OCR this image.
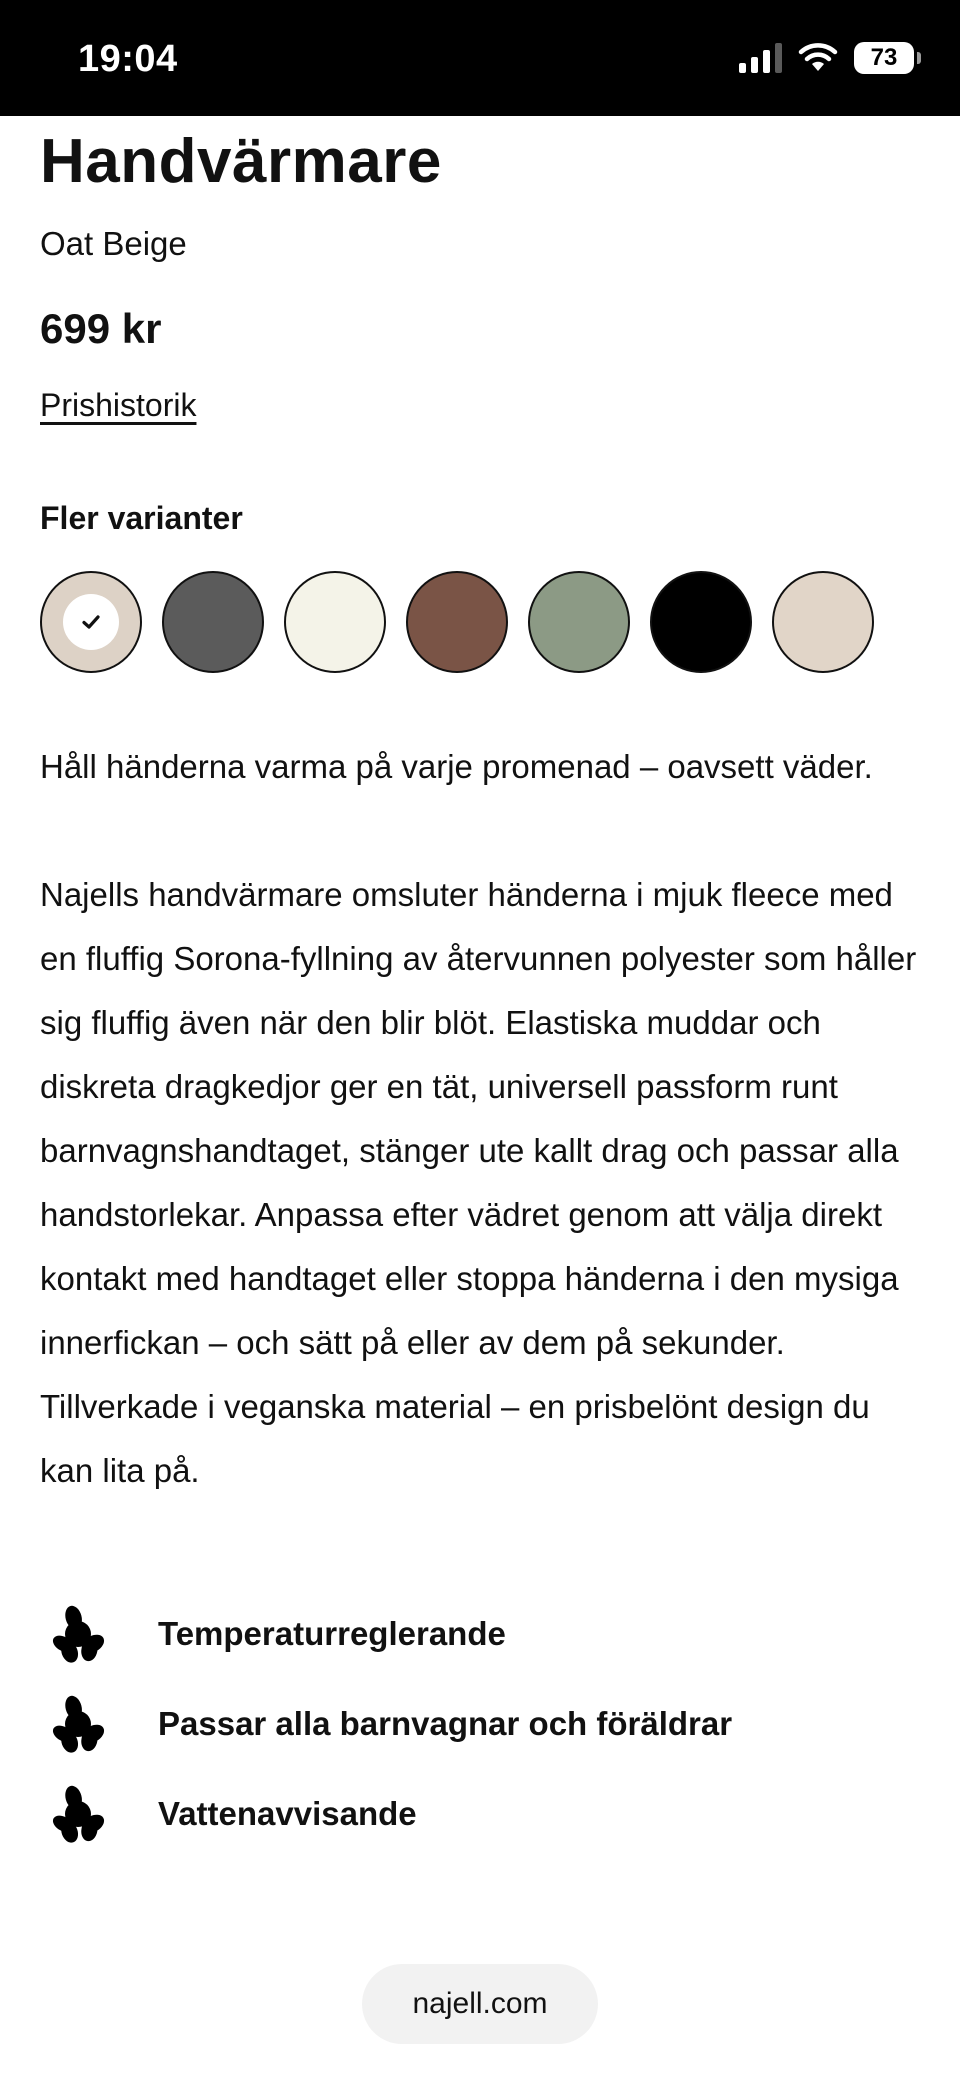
19:04	73
Handvärmare
Oat Beige
699 kr
Prishistorik
Fler varianter

Håll händerna varma på varje promenad – oavsett väder.

Najells handvärmare omsluter händerna i mjuk fleece med en fluffig Sorona-fyllning av återvunnen polyester som håller sig fluffig även när den blir blöt. Elastiska muddar och diskreta dragkedjor ger en tät, universell passform runt barnvagnshandtaget, stänger ute kallt drag och passar alla handstorlekar. Anpassa efter vädret genom att välja direkt kontakt med handtaget eller stoppa händerna i den mysiga innerfickan – och sätt på eller av dem på sekunder. Tillverkade i veganska material – en prisbelönt design du kan lita på.

Temperaturreglerande
Passar alla barnvagnar och föräldrar
Vattenavvisande
najell.com
